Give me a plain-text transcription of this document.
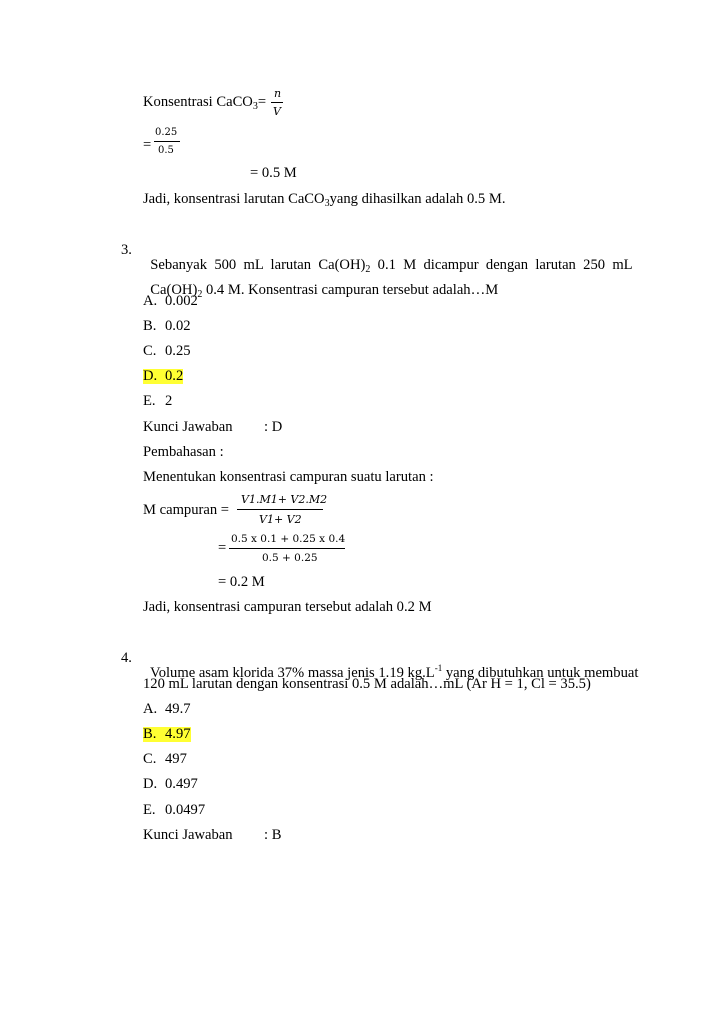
Konsentrasi CaCO$_3$=
n
V
=
0.25
0.5
= 0.5 M
Jadi, konsentrasi larutan CaCO$_3$yang dihasilkan adalah 0.5 M.
3.

Sebanyak  500  mL  larutan  $Ca(OH)_2$  0.1  M  dicampur  dengan  larutan  250  mL

$Ca(OH)_2$ 0.4 M. Konsentrasi campuran tersebut adalah…M

A. 0.002
B. 0.02
C. 0.25
D. 0.2
E. 2
Kunci Jawaban : D
Pembahasan :
Menentukan konsentrasi campuran suatu larutan :
M campuran =
V1.M1+ V2.M2
V1+ V2
=
0.5 x 0.1 + 0.25 x 0.4
0.5 + 0.25
= 0.2 M
Jadi, konsentrasi campuran tersebut adalah 0.2 M
4.

Volume asam klorida 37% massa jenis 1.19 $kg.L^{-1}$ yang dibutuhkan untuk membuat

120 mL larutan dengan konsentrasi 0.5 M adalah…mL (Ar H = 1, Cl = 35.5)
A. 49.7
B. 4.97
C. 497
D. 0.497
E. 0.0497
Kunci Jawaban : B
